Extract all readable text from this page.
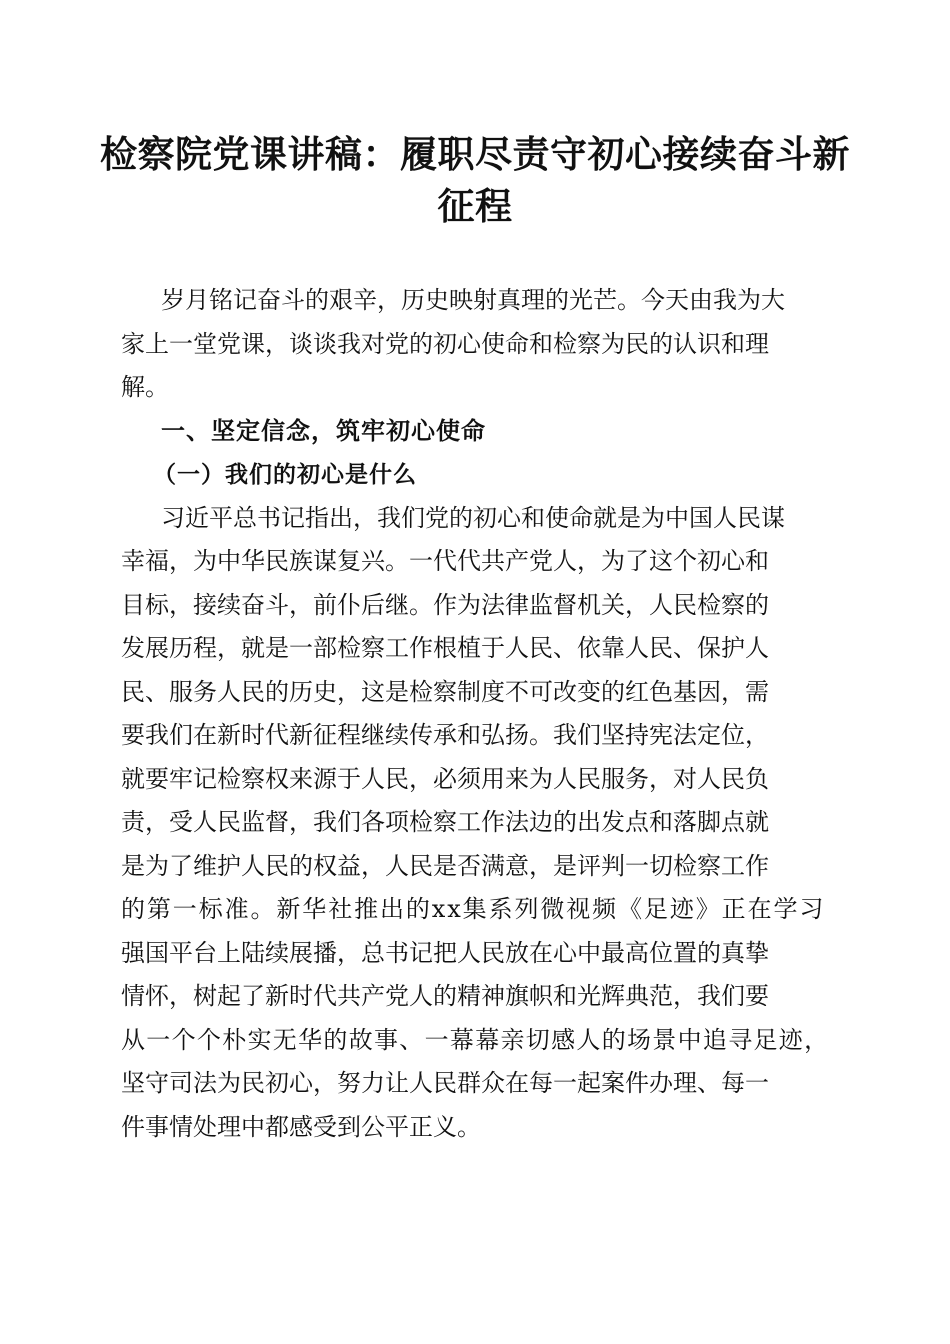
检察院党课讲稿：履职尽责守初心接续奋斗新
征程
岁月铭记奋斗的艰辛，历史映射真理的光芒。今天由我为大
家上一堂党课，谈谈我对党的初心使命和检察为民的认识和理
解。
一、坚定信念，筑牢初心使命
（一）我们的初心是什么
习近平总书记指出，我们党的初心和使命就是为中国人民谋
幸福，为中华民族谋复兴。一代代共产党人，为了这个初心和
目标，接续奋斗，前仆后继。作为法律监督机关，人民检察的
发展历程，就是一部检察工作根植于人民、依靠人民、保护人
民、服务人民的历史，这是检察制度不可改变的红色基因，需
要我们在新时代新征程继续传承和弘扬。我们坚持宪法定位，
就要牢记检察权来源于人民，必须用来为人民服务，对人民负
责，受人民监督，我们各项检察工作法边的出发点和落脚点就
是为了维护人民的权益，人民是否满意，是评判一切检察工作
的第一标准。新华社推出的xx集系列微视频《足迹》正在学习
强国平台上陆续展播，总书记把人民放在心中最高位置的真挚
情怀，树起了新时代共产党人的精神旗帜和光辉典范，我们要
从一个个朴实无华的故事、一幕幕亲切感人的场景中追寻足迹，
坚守司法为民初心，努力让人民群众在每一起案件办理、每一
件事情处理中都感受到公平正义。
